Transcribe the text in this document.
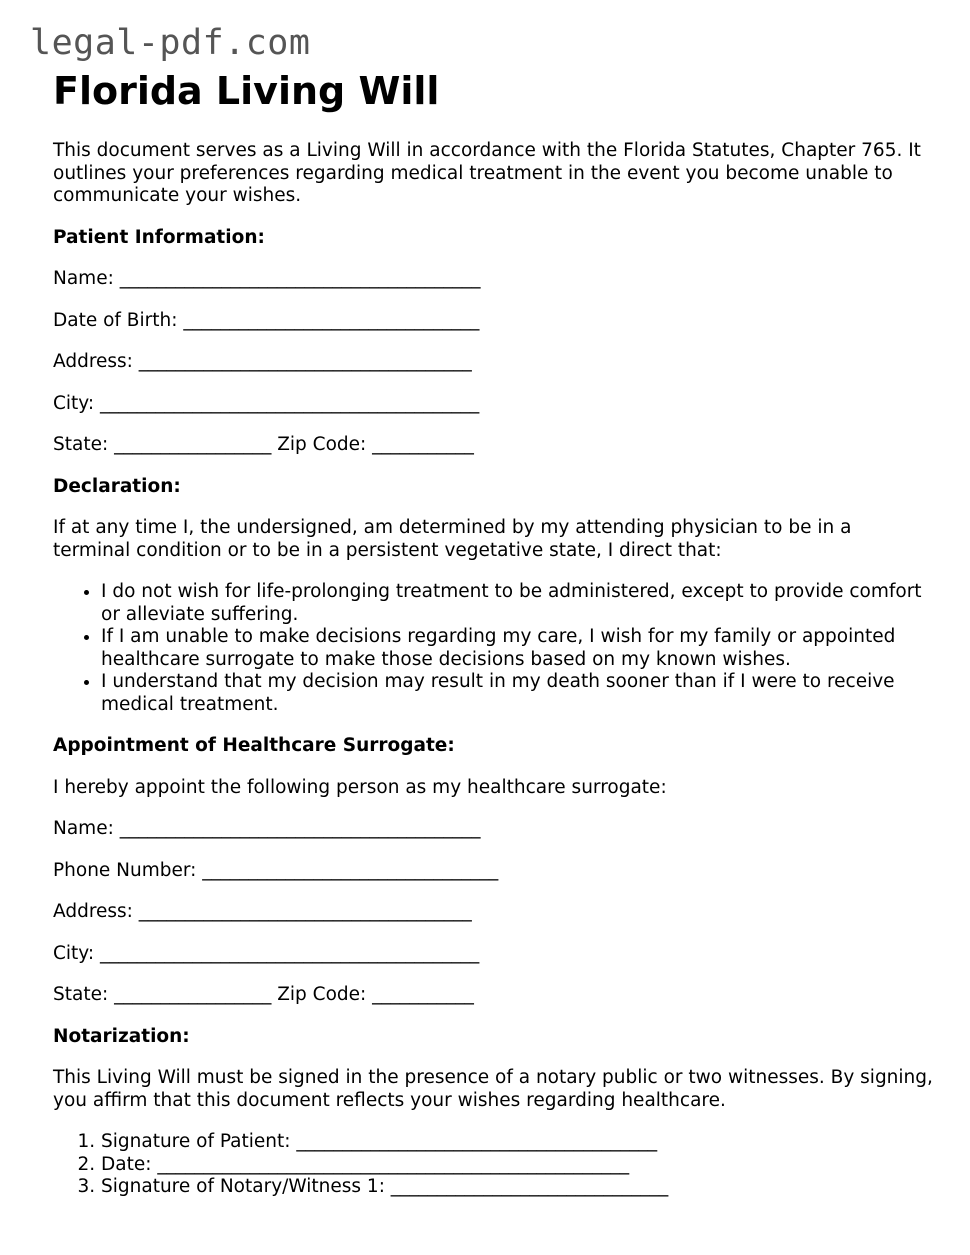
legal-pdf.com
Florida Living Will

This document serves as a Living Will in accordance with the Florida Statutes, Chapter 765. It outlines your preferences regarding medical treatment in the event you become unable to communicate your wishes.

Patient Information:

Name: _______________________________________

Date of Birth: ________________________________

Address: ____________________________________

City: _________________________________________

State: _________________ Zip Code: ___________

Declaration:

If at any time I, the undersigned, am determined by my attending physician to be in a terminal condition or to be in a persistent vegetative state, I direct that:

• I do not wish for life-prolonging treatment to be administered, except to provide comfort or alleviate suffering.
• If I am unable to make decisions regarding my care, I wish for my family or appointed healthcare surrogate to make those decisions based on my known wishes.
• I understand that my decision may result in my death sooner than if I were to receive medical treatment.

Appointment of Healthcare Surrogate:

I hereby appoint the following person as my healthcare surrogate:

Name: _______________________________________

Phone Number: ________________________________

Address: ____________________________________

City: _________________________________________

State: _________________ Zip Code: ___________

Notarization:

This Living Will must be signed in the presence of a notary public or two witnesses. By signing, you affirm that this document reflects your wishes regarding healthcare.

1. Signature of Patient: _______________________________________
2. Date: ___________________________________________________
3. Signature of Notary/Witness 1: ______________________________
